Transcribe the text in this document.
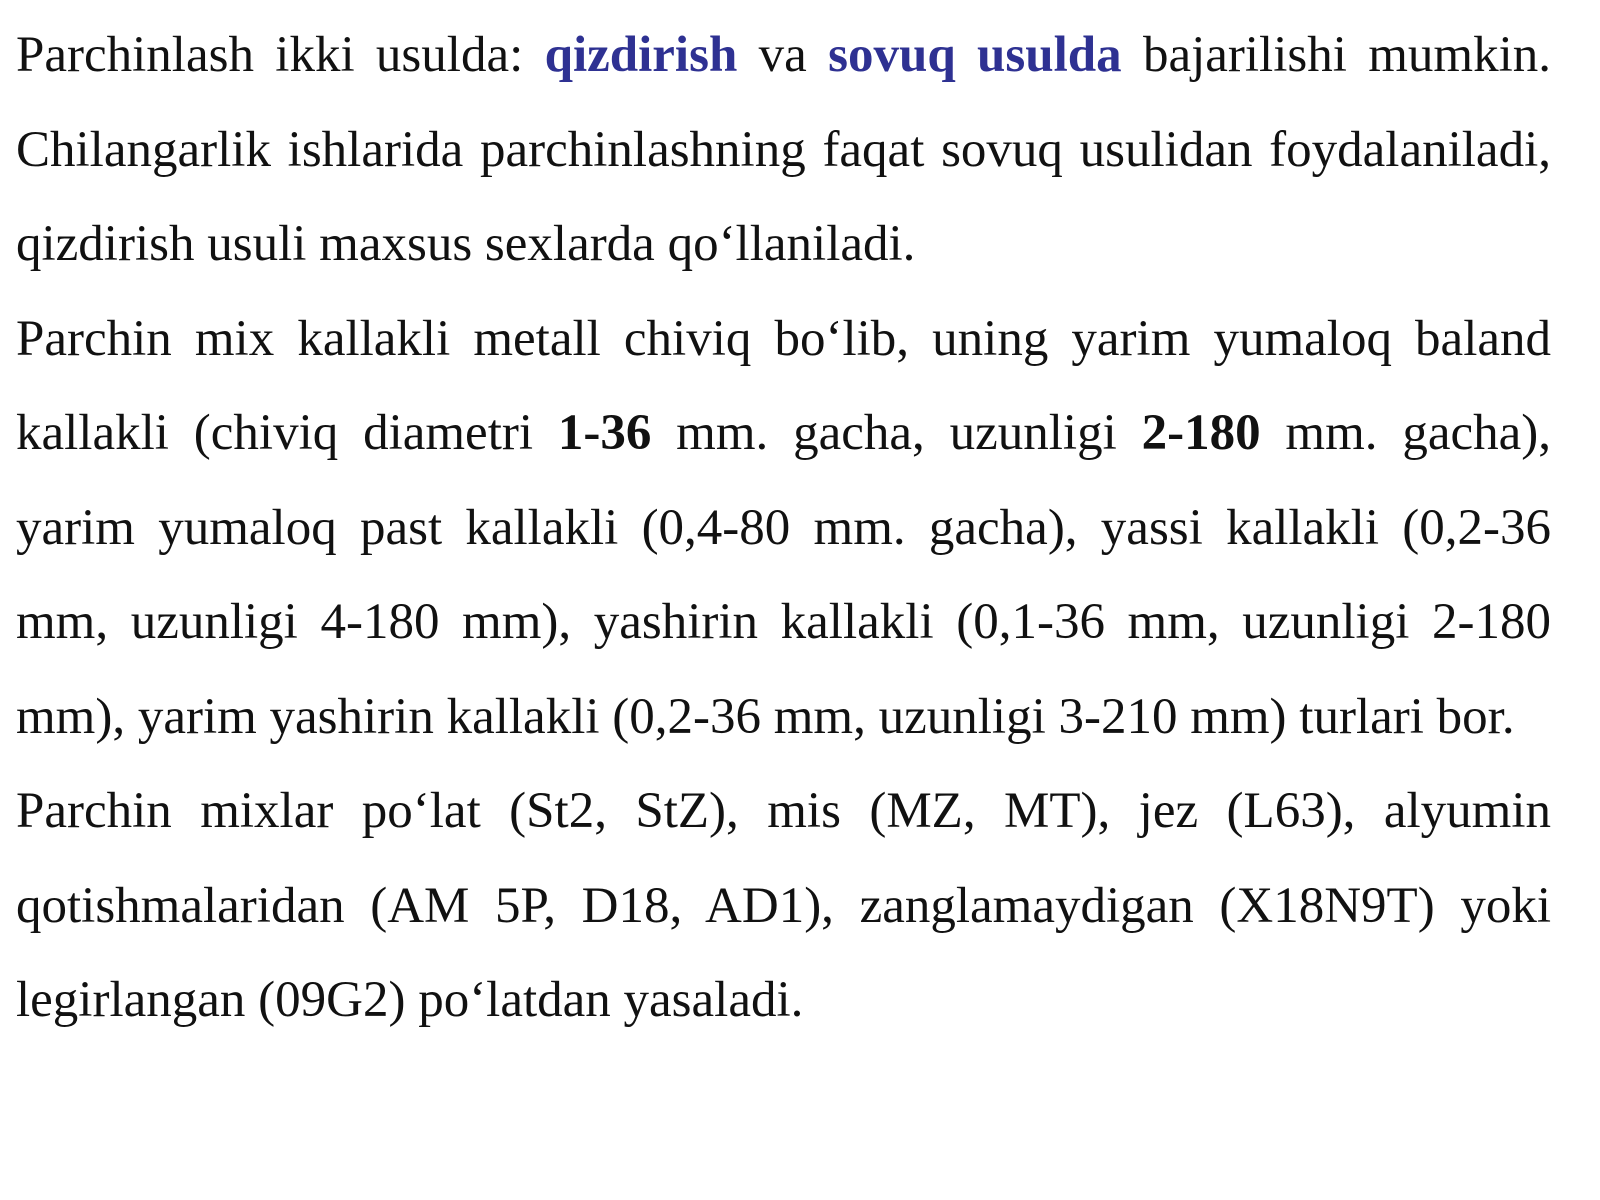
Parchinlash ikki usulda: qizdirish va sovuq usulda bajarilishi mumkin. Chilangarlik ishlarida parchinlashning faqat sovuq usulidan foydalaniladi, qizdirish usuli maxsus sexlarda qo‘llaniladi.

Parchin mix kallakli metall chiviq bo‘lib, uning yarim yumaloq baland kallakli (chiviq diametri 1-36 mm. gacha, uzunligi 2-180 mm. gacha), yarim yumaloq past kallakli (0,4-80 mm. gacha), yassi kallakli (0,2-36 mm, uzunligi 4-180 mm), yashirin kallakli (0,1-36 mm, uzunligi 2-180 mm), yarim yashirin kallakli (0,2-36 mm, uzunligi 3-210 mm) turlari bor.

Parchin mixlar po‘lat (St2, StZ), mis (MZ, MT), jez (L63), alyumin qotishmalaridan (AM 5P, D18, AD1), zanglamaydigan (X18N9T) yoki legirlangan (09G2) po‘latdan yasaladi.
